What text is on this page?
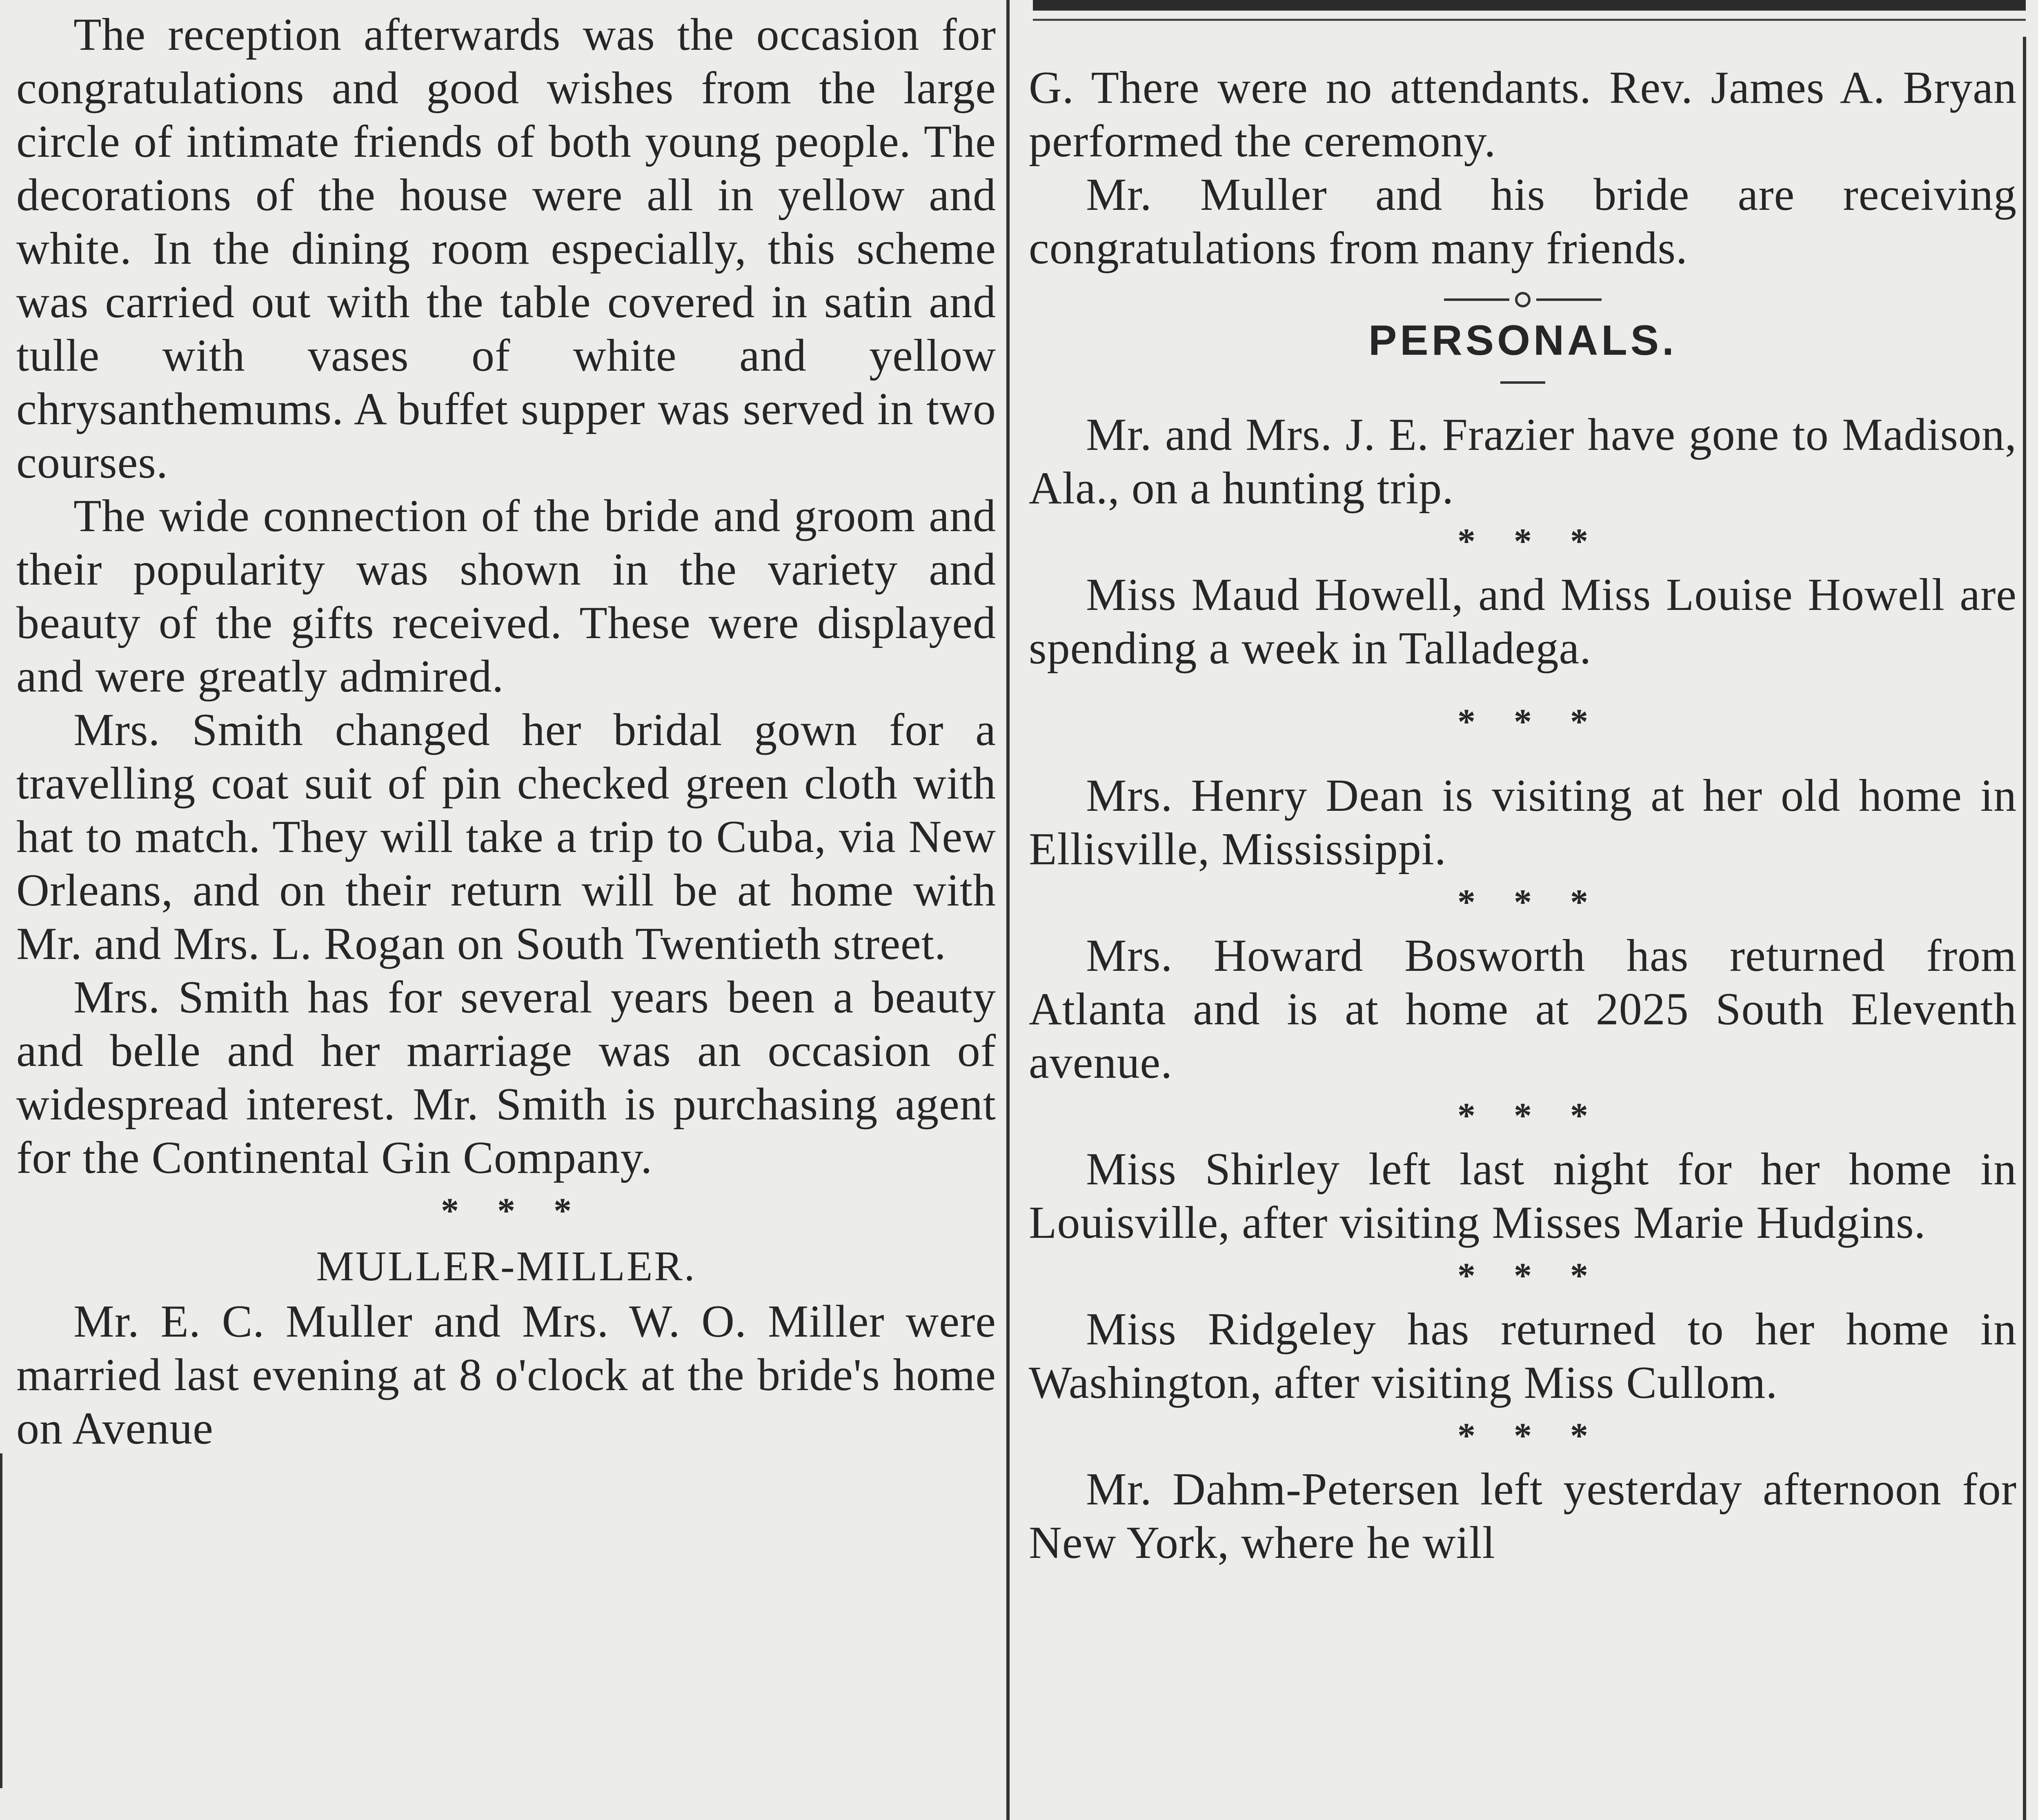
The reception afterwards was the occasion for congratulations and good wishes from the large circle of intimate friends of both young people. The decorations of the house were all in yellow and white. In the dining room especially, this scheme was carried out with the table covered in satin and tulle with vases of white and yellow chrysanthemums. A buffet supper was served in two courses.

The wide connection of the bride and groom and their popularity was shown in the variety and beauty of the gifts received. These were displayed and were greatly admired.

Mrs. Smith changed her bridal gown for a travelling coat suit of pin checked green cloth with hat to match. They will take a trip to Cuba, via New Orleans, and on their return will be at home with Mr. and Mrs. L. Rogan on South Twentieth street.

Mrs. Smith has for several years been a beauty and belle and her marriage was an occasion of widespread interest. Mr. Smith is purchasing agent for the Continental Gin Company.

* * *
MULLER-MILLER.

Mr. E. C. Muller and Mrs. W. O. Miller were married last evening at 8 o'clock at the bride's home on Avenue

G. There were no attendants. Rev. James A. Bryan performed the ceremony.

Mr. Muller and his bride are receiving congratulations from many friends.

PERSONALS.

Mr. and Mrs. J. E. Frazier have gone to Madison, Ala., on a hunting trip.

* * *

Miss Maud Howell, and Miss Louise Howell are spending a week in Talladega.

* * *

Mrs. Henry Dean is visiting at her old home in Ellisville, Mississippi.

* * *

Mrs. Howard Bosworth has returned from Atlanta and is at home at 2025 South Eleventh avenue.

* * *

Miss Shirley left last night for her home in Louisville, after visiting Misses Marie Hudgins.

* * *

Miss Ridgeley has returned to her home in Washington, after visiting Miss Cullom.

* * *

Mr. Dahm-Petersen left yesterday afternoon for New York, where he will
